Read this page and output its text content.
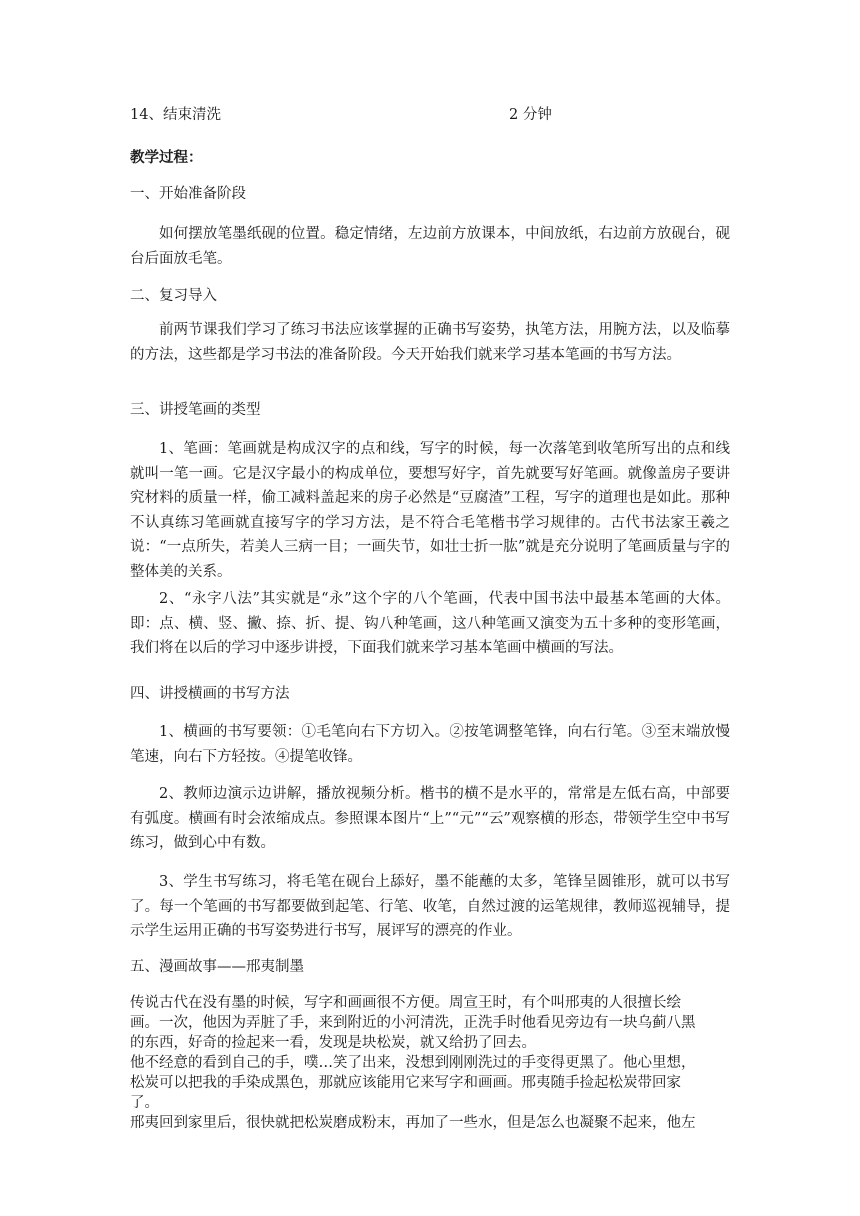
14、结束清洗	2 分钟
教学过程：
一、开始准备阶段
如何摆放笔墨纸砚的位置。稳定情绪，左边前方放课本，中间放纸，右边前方放砚台，砚台后面放毛笔。
二、复习导入
前两节课我们学习了练习书法应该掌握的正确书写姿势，执笔方法，用腕方法，以及临摹的方法，这些都是学习书法的准备阶段。今天开始我们就来学习基本笔画的书写方法。
三、讲授笔画的类型
1、笔画：笔画就是构成汉字的点和线，写字的时候，每一次落笔到收笔所写出的点和线就叫一笔一画。它是汉字最小的构成单位，要想写好字，首先就要写好笔画。就像盖房子要讲究材料的质量一样，偷工减料盖起来的房子必然是“豆腐渣”工程，写字的道理也是如此。那种不认真练习笔画就直接写字的学习方法，是不符合毛笔楷书学习规律的。古代书法家王羲之说：“一点所失，若美人三病一目；一画失节，如壮士折一肱”就是充分说明了笔画质量与字的整体美的关系。
2、“永字八法”其实就是“永”这个字的八个笔画，代表中国书法中最基本笔画的大体。即：点、横、竖、撇、捺、折、提、钩八种笔画，这八种笔画又演变为五十多种的变形笔画，我们将在以后的学习中逐步讲授，下面我们就来学习基本笔画中横画的写法。
四、讲授横画的书写方法
1、横画的书写要领：①毛笔向右下方切入。②按笔调整笔锋，向右行笔。③至末端放慢笔速，向右下方轻按。④提笔收锋。
2、教师边演示边讲解，播放视频分析。楷书的横不是水平的，常常是左低右高，中部要有弧度。横画有时会浓缩成点。参照课本图片“上”“元”“云”观察横的形态，带领学生空中书写练习，做到心中有数。
3、学生书写练习，将毛笔在砚台上舔好，墨不能蘸的太多，笔锋呈圆锥形，就可以书写了。每一个笔画的书写都要做到起笔、行笔、收笔，自然过渡的运笔规律，教师巡视辅导，提示学生运用正确的书写姿势进行书写，展评写的漂亮的作业。
五、漫画故事——邢夷制墨

传说古代在没有墨的时候，写字和画画很不方便。周宣王时，有个叫邢夷的人很擅长绘

画。一次，他因为弄脏了手，来到附近的小河清洗，正洗手时他看见旁边有一块乌蓟八黑

的东西，好奇的捡起来一看，发现是块松炭，就又给扔了回去。

他不经意的看到自己的手，噗…笑了出来，没想到刚刚洗过的手变得更黑了。他心里想，

松炭可以把我的手染成黑色，那就应该能用它来写字和画画。邢夷随手捡起松炭带回家

了。

邢夷回到家里后，很快就把松炭磨成粉末，再加了一些水，但是怎么也凝聚不起来，他左
